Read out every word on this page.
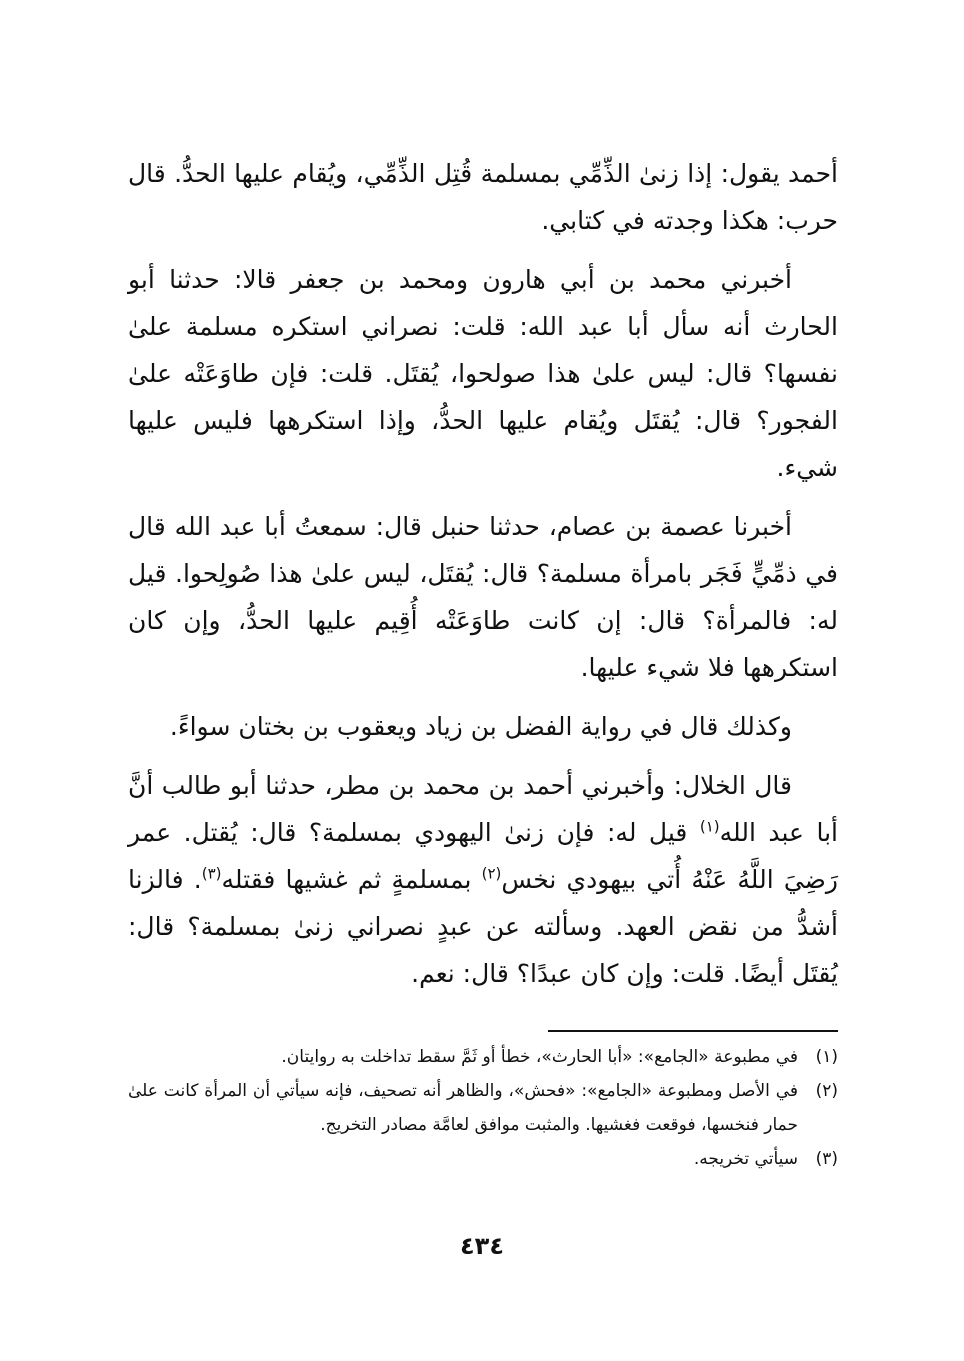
أحمد يقول: إذا زنىٰ الذِّمِّي بمسلمة قُتِل الذِّمِّي، ويُقام عليها الحدُّ. قال حرب: هكذا وجدته في كتابي.

أخبرني محمد بن أبي هارون ومحمد بن جعفر قالا: حدثنا أبو الحارث أنه سأل أبا عبد الله: قلت: نصراني استكره مسلمة علىٰ نفسها؟ قال: ليس علىٰ هذا صولحوا، يُقتَل. قلت: فإن طاوَعَتْه علىٰ الفجور؟ قال: يُقتَل ويُقام عليها الحدُّ، وإذا استكرهها فليس عليها شيء.

أخبرنا عصمة بن عصام، حدثنا حنبل قال: سمعتُ أبا عبد الله قال في ذمِّيٍّ فَجَر بامرأة مسلمة؟ قال: يُقتَل، ليس علىٰ هذا صُولِحوا. قيل له: فالمرأة؟ قال: إن كانت طاوَعَتْه أُقِيم عليها الحدُّ، وإن كان استكرهها فلا شيء عليها.

وكذلك قال في رواية الفضل بن زياد ويعقوب بن بختان سواءً.

قال الخلال: وأخبرني أحمد بن محمد بن مطر، حدثنا أبو طالب أنَّ أبا عبد الله$^{(١)}$ قيل له: فإن زنىٰ اليهودي بمسلمة؟ قال: يُقتل. عمر رَضِيَ اللَّهُ عَنْهُ أُتي بيهودي نخس$^{(٢)}$ بمسلمةٍ ثم غشيها فقتله$^{(٣)}$. فالزنا أشدُّ من نقض العهد. وسألته عن عبدٍ نصراني زنىٰ بمسلمة؟ قال: يُقتَل أيضًا. قلت: وإن كان عبدًا؟ قال: نعم.

(١)
في مطبوعة «الجامع»: «أبا الحارث»، خطأ أو ثَمَّ سقط تداخلت به روايتان.
(٢)
في الأصل ومطبوعة «الجامع»: «فحش»، والظاهر أنه تصحيف، فإنه سيأتي أن المرأة كانت علىٰ حمار فنخسها، فوقعت فغشيها. والمثبت موافق لعامَّة مصادر التخريج.
(٣)
سيأتي تخريجه.
٤٣٤
